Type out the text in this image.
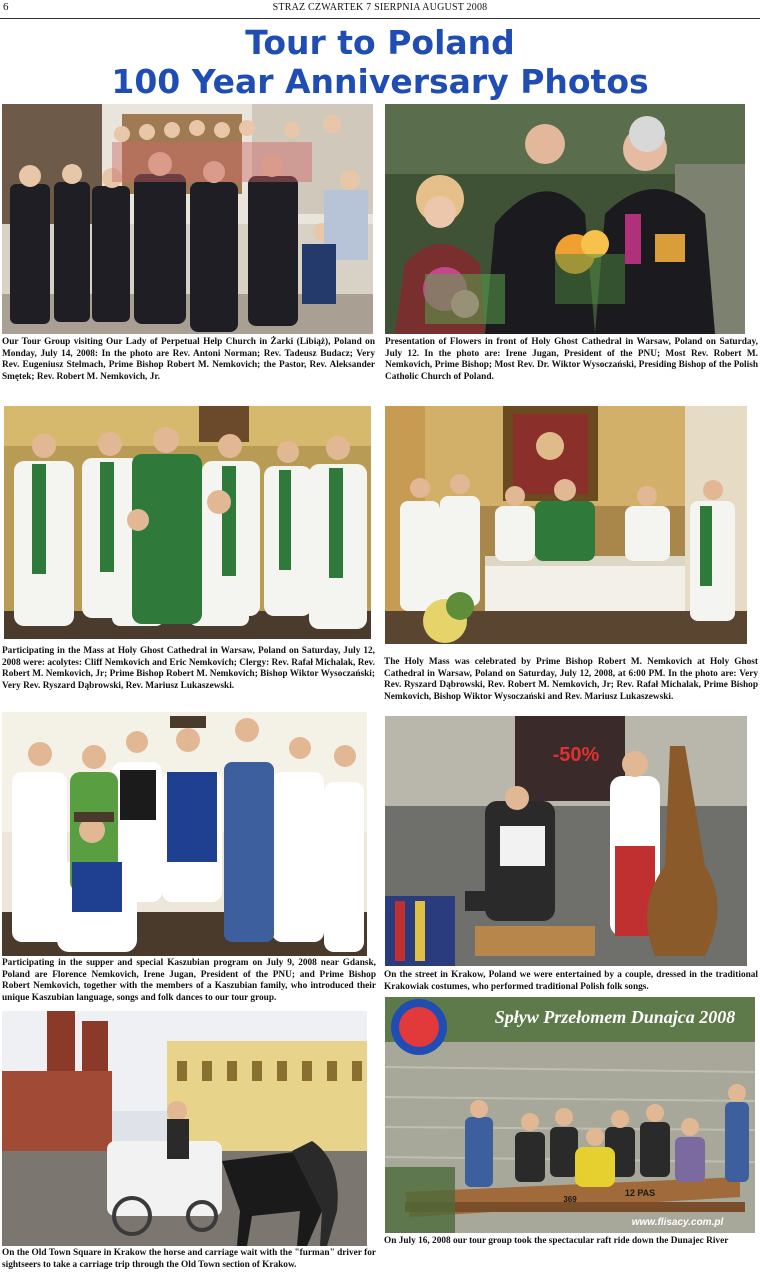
6	STRAZ CZWARTEK 7 SIERPNIA AUGUST 2008
Tour to Poland
100 Year Anniversary Photos

Our Tour Group visiting Our Lady of Perpetual Help Church in Żarki (Libiąż), Poland on Monday, July 14, 2008: In the photo are Rev. Antoni Norman; Rev. Tadeusz Budacz; Very Rev. Eugeniusz Stelmach, Prime Bishop Robert M. Nemkovich; the Pastor, Rev. Aleksander Smętek; Rev. Robert M. Nemkovich, Jr.

Presentation of Flowers in front of Holy Ghost Cathedral in Warsaw, Poland on Saturday, July 12. In the photo are: Irene Jugan, President of the PNU; Most Rev. Robert M. Nemkovich, Prime Bishop; Most Rev. Dr. Wiktor Wysoczański, Presiding Bishop of the Polish Catholic Church of Poland.

Participating in the Mass at Holy Ghost Cathedral in Warsaw, Poland on Saturday, July 12, 2008 were: acolytes: Cliff Nemkovich and Eric Nemkovich; Clergy: Rev. Rafał Michalak, Rev. Robert M. Nemkovich, Jr; Prime Bishop Robert M. Nemkovich; Bishop Wiktor Wysoczański; Very Rev. Ryszard Dąbrowski, Rev. Mariusz Lukaszewski.

The Holy Mass was celebrated by Prime Bishop Robert M. Nemkovich at Holy Ghost Cathedral in Warsaw, Poland on Saturday, July 12, 2008, at 6:00 PM. In the photo are: Very Rev. Ryszard Dąbrowski, Rev. Robert M. Nemkovich, Jr; Rev. Rafał Michalak, Prime Bishop Nemkovich, Bishop Wiktor Wysoczański and Rev. Mariusz Lukaszewski.

Participating in the supper and special Kaszubian program on July 9, 2008 near Gdansk, Poland are Florence Nemkovich, Irene Jugan, President of the PNU; and Prime Bishop Robert Nemkovich, together with the members of a Kaszubian family, who introduced their unique Kaszubian language, songs and folk dances to our tour group.

-50%

On the street in Krakow, Poland we were entertained by a couple, dressed in the traditional Krakowiak costumes, who performed traditional Polish folk songs.

On the Old Town Square in Krakow the horse and carriage wait with the "furman" driver for sightseers to take a carriage trip through the Old Town section of Krakow.

Spływ Przełomem Dunajca 2008
12 PAS
369
www.flisacy.com.pl

On July 16, 2008 our tour group took the spectacular raft ride down the Dunajec River
